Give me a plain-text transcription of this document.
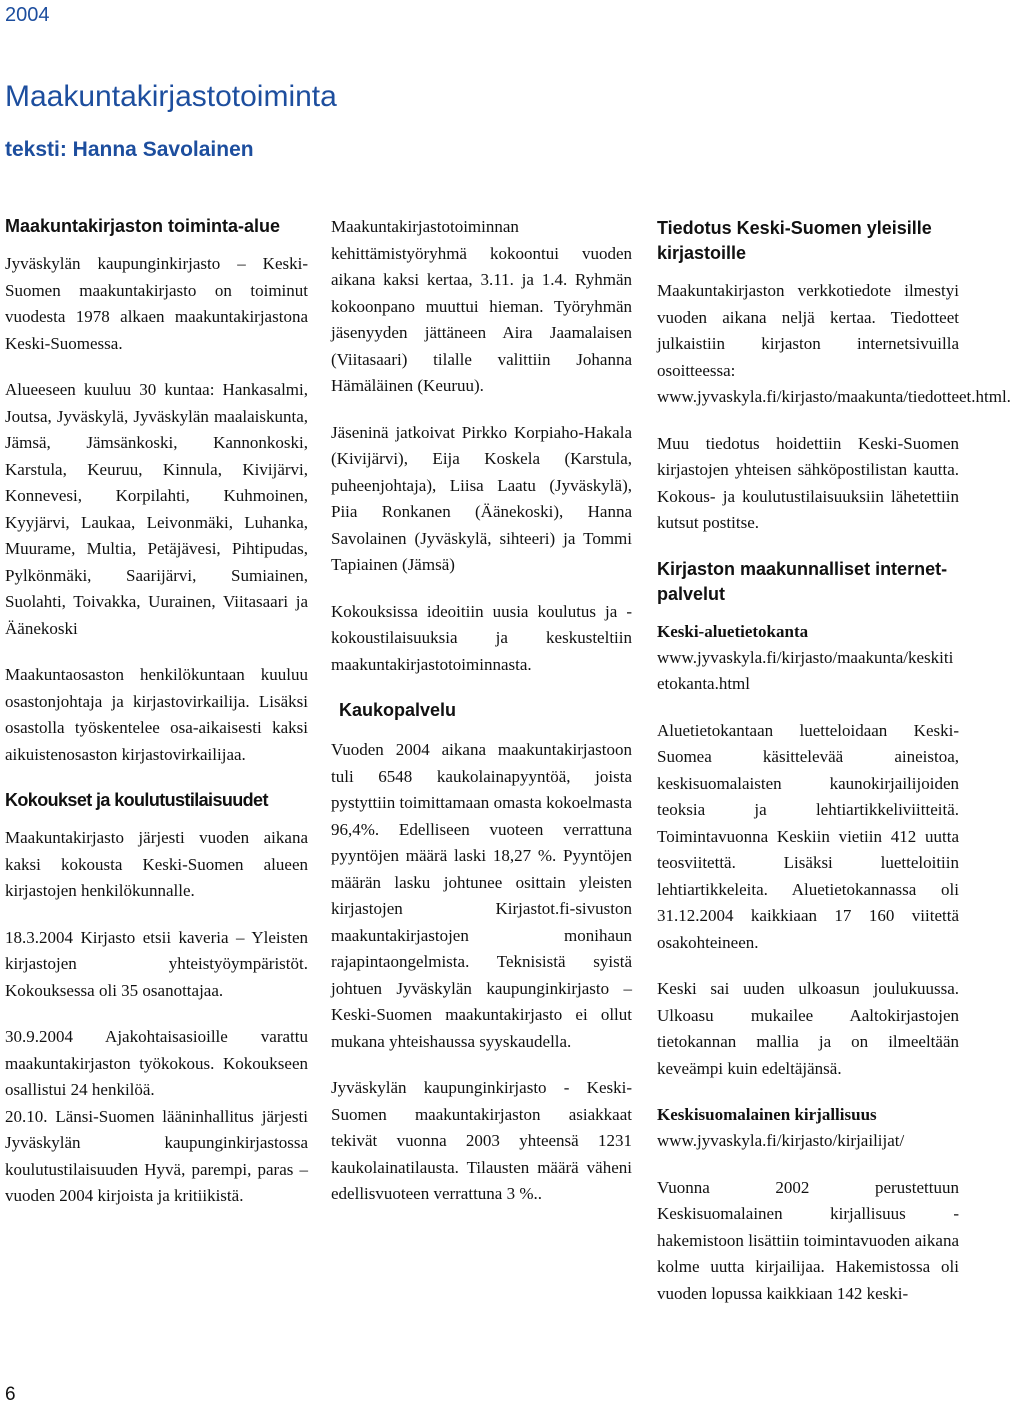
2004
Maakuntakirjastotoiminta
teksti: Hanna Savolainen
Maakuntakirjaston toiminta-alue

Jyväskylän kaupunginkirjasto – Keski-Suomen maakuntakirjasto on toiminut vuodesta 1978 alkaen maakuntakirjastona Keski-Suomessa.

Alueeseen kuuluu 30 kuntaa: Hankasalmi, Joutsa, Jyväskylä, Jyväskylän maalaiskunta, Jämsä, Jämsänkoski, Kannonkoski, Karstula, Keuruu, Kinnula, Kivijärvi, Konnevesi, Korpilahti, Kuhmoinen, Kyyjärvi, Laukaa, Leivonmäki, Luhanka, Muurame, Multia, Petäjävesi, Pihtipudas, Pylkönmäki, Saarijärvi, Sumiainen, Suolahti, Toivakka, Uurainen, Viitasaari ja Äänekoski

Maakuntaosaston henkilökuntaan kuuluu osastonjohtaja ja kirjastovirkailija. Lisäksi osastolla työskentelee osa-aikaisesti kaksi aikuistenosaston kirjastovirkailijaa.

Kokoukset ja koulutustilaisuudet

Maakuntakirjasto järjesti vuoden aikana kaksi kokousta Keski-Suomen alueen kirjastojen henkilökunnalle.

18.3.2004 Kirjasto etsii kaveria – Yleisten kirjastojen yhteistyöympäristöt. Kokouksessa oli 35 osanottajaa.

30.9.2004 Ajakohtaisasioille varattu maakuntakirjaston työkokous. Kokoukseen osallistui 24 henkilöä.

20.10. Länsi-Suomen lääninhallitus järjesti Jyväskylän kaupunginkirjastossa koulutustilaisuuden Hyvä, parempi, paras – vuoden 2004 kirjoista ja kritiikistä.

Maakuntakirjastotoiminnan kehittämistyöryhmä kokoontui vuoden aikana kaksi kertaa, 3.11. ja 1.4. Ryhmän kokoonpano muuttui hieman. Työryhmän jäsenyyden jättäneen Aira Jaamalaisen (Viitasaari) tilalle valittiin Johanna Hämäläinen (Keuruu).

Jäseninä jatkoivat Pirkko Korpiaho-Hakala (Kivijärvi), Eija Koskela (Karstula, puheenjohtaja), Liisa Laatu (Jyväskylä), Piia Ronkanen (Äänekoski), Hanna Savolainen (Jyväskylä, sihteeri) ja Tommi Tapiainen (Jämsä)

Kokouksissa ideoitiin uusia koulutus ja -kokoustilaisuuksia ja keskusteltiin maakuntakirjastotoiminnasta.

Kaukopalvelu

Vuoden 2004 aikana maakuntakirjastoon tuli 6548 kaukolainapyyntöä, joista pystyttiin toimittamaan omasta kokoelmasta 96,4%. Edelliseen vuoteen verrattuna pyyntöjen määrä laski 18,27 %. Pyyntöjen määrän lasku johtunee osittain yleisten kirjastojen Kirjastot.fi-sivuston maakuntakirjastojen monihaun rajapintaongelmista. Teknisistä syistä johtuen Jyväskylän kaupunginkirjasto – Keski-Suomen maakuntakirjasto ei ollut mukana yhteishaussa syyskaudella.

Jyväskylän kaupunginkirjasto - Keski-Suomen maakuntakirjaston asiakkaat tekivät vuonna 2003 yhteensä 1231 kaukolainatilausta. Tilausten määrä väheni edellisvuoteen verrattuna 3 %..

Tiedotus Keski-Suomen yleisille kirjastoille

Maakuntakirjaston verkkotiedote ilmestyi vuoden aikana neljä kertaa. Tiedotteet julkaistiin kirjaston internetsivuilla osoitteessa: www.jyvaskyla.fi/kirjasto/maakunta/tiedotteet.html.

Muu tiedotus hoidettiin Keski-Suomen kirjastojen yhteisen sähköpostilistan kautta. Kokous- ja koulutustilaisuuksiin lähetettiin kutsut postitse.

Kirjaston maakunnalliset internet-palvelut

Keski-aluetietokanta

www.jyvaskyla.fi/kirjasto/maakunta/keskitietokanta.html

Aluetietokantaan luetteloidaan Keski-Suomea käsittelevää aineistoa, keskisuomalaisten kaunokirjailijoiden teoksia ja lehtiartikkeliviitteitä. Toimintavuonna Keskiin vietiin 412 uutta teosviitettä. Lisäksi luetteloitiin lehtiartikkeleita. Aluetietokannassa oli 31.12.2004 kaikkiaan 17 160 viitettä osakohteineen.

Keski sai uuden ulkoasun joulukuussa. Ulkoasu mukailee Aaltokirjastojen tietokannan mallia ja on ilmeeltään keveämpi kuin edeltäjänsä.

Keskisuomalainen kirjallisuus

www.jyvaskyla.fi/kirjasto/kirjailijat/

Vuonna 2002 perustettuun Keskisuomalainen kirjallisuus -hakemistoon lisättiin toimintavuoden aikana kolme uutta kirjailijaa. Hakemistossa oli vuoden lopussa kaikkiaan 142 keski-

6
